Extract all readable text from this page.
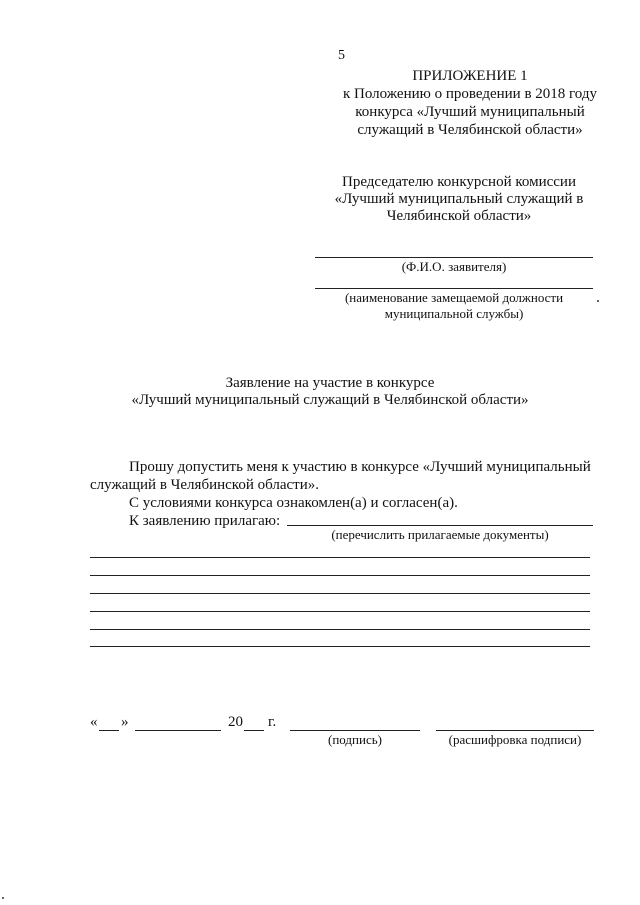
5
ПРИЛОЖЕНИЕ 1
к Положению о проведении в 2018 году
конкурса «Лучший муниципальный
служащий в Челябинской области»
Председателю конкурсной комиссии
«Лучший муниципальный служащий в
Челябинской области»
(Ф.И.О. заявителя)
(наименование замещаемой должности
муниципальной службы)
Заявление на участие в конкурсе
«Лучший муниципальный служащий в Челябинской области»
Прошу допустить меня к участию в конкурсе «Лучший муниципальный
служащий в Челябинской области».
С условиями конкурса ознакомлен(а) и согласен(а).
К заявлению прилагаю:
(перечислить прилагаемые документы)
« »	20 г.
(подпись)	(расшифровка подписи)
